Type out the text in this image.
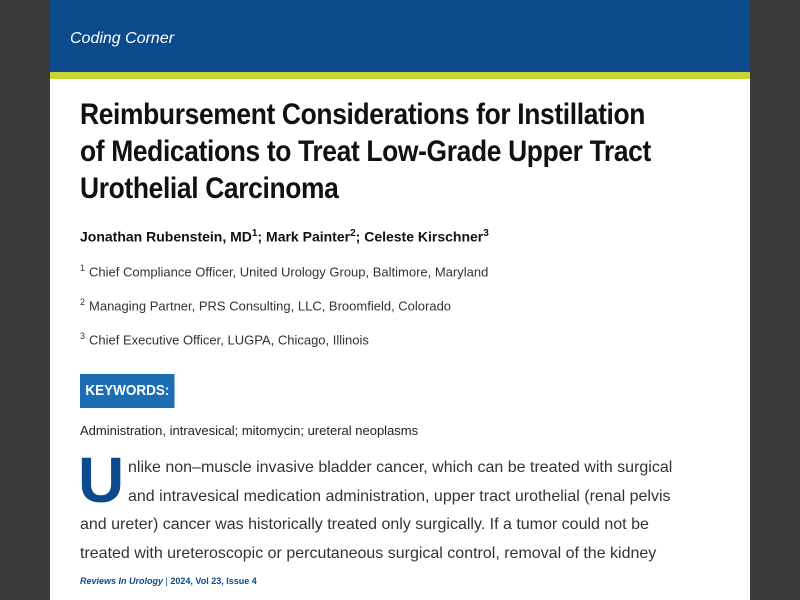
Coding Corner
Reimbursement Considerations for Instillation
of Medications to Treat Low-Grade Upper Tract
Urothelial Carcinoma
Jonathan Rubenstein, $MD^1$; Mark Painter$^2$; Celeste Kirschner$^3$
$^1$ Chief Compliance Officer, United Urology Group, Baltimore, Maryland
$^2$ Managing Partner, PRS Consulting, LLC, Broomfield, Colorado
$^3$ Chief Executive Officer, LUGPA, Chicago, Illinois
KEYWORDS:
Administration, intravesical; mitomycin; ureteral neoplasms
U nlike non–muscle invasive bladder cancer, which can be treated with surgical
and intravesical medication administration, upper tract urothelial (renal pelvis
and ureter) cancer was historically treated only surgically. If a tumor could not be
treated with ureteroscopic or percutaneous surgical control, removal of the kidney
Reviews In Urology | 2024, Vol 23, Issue 4
